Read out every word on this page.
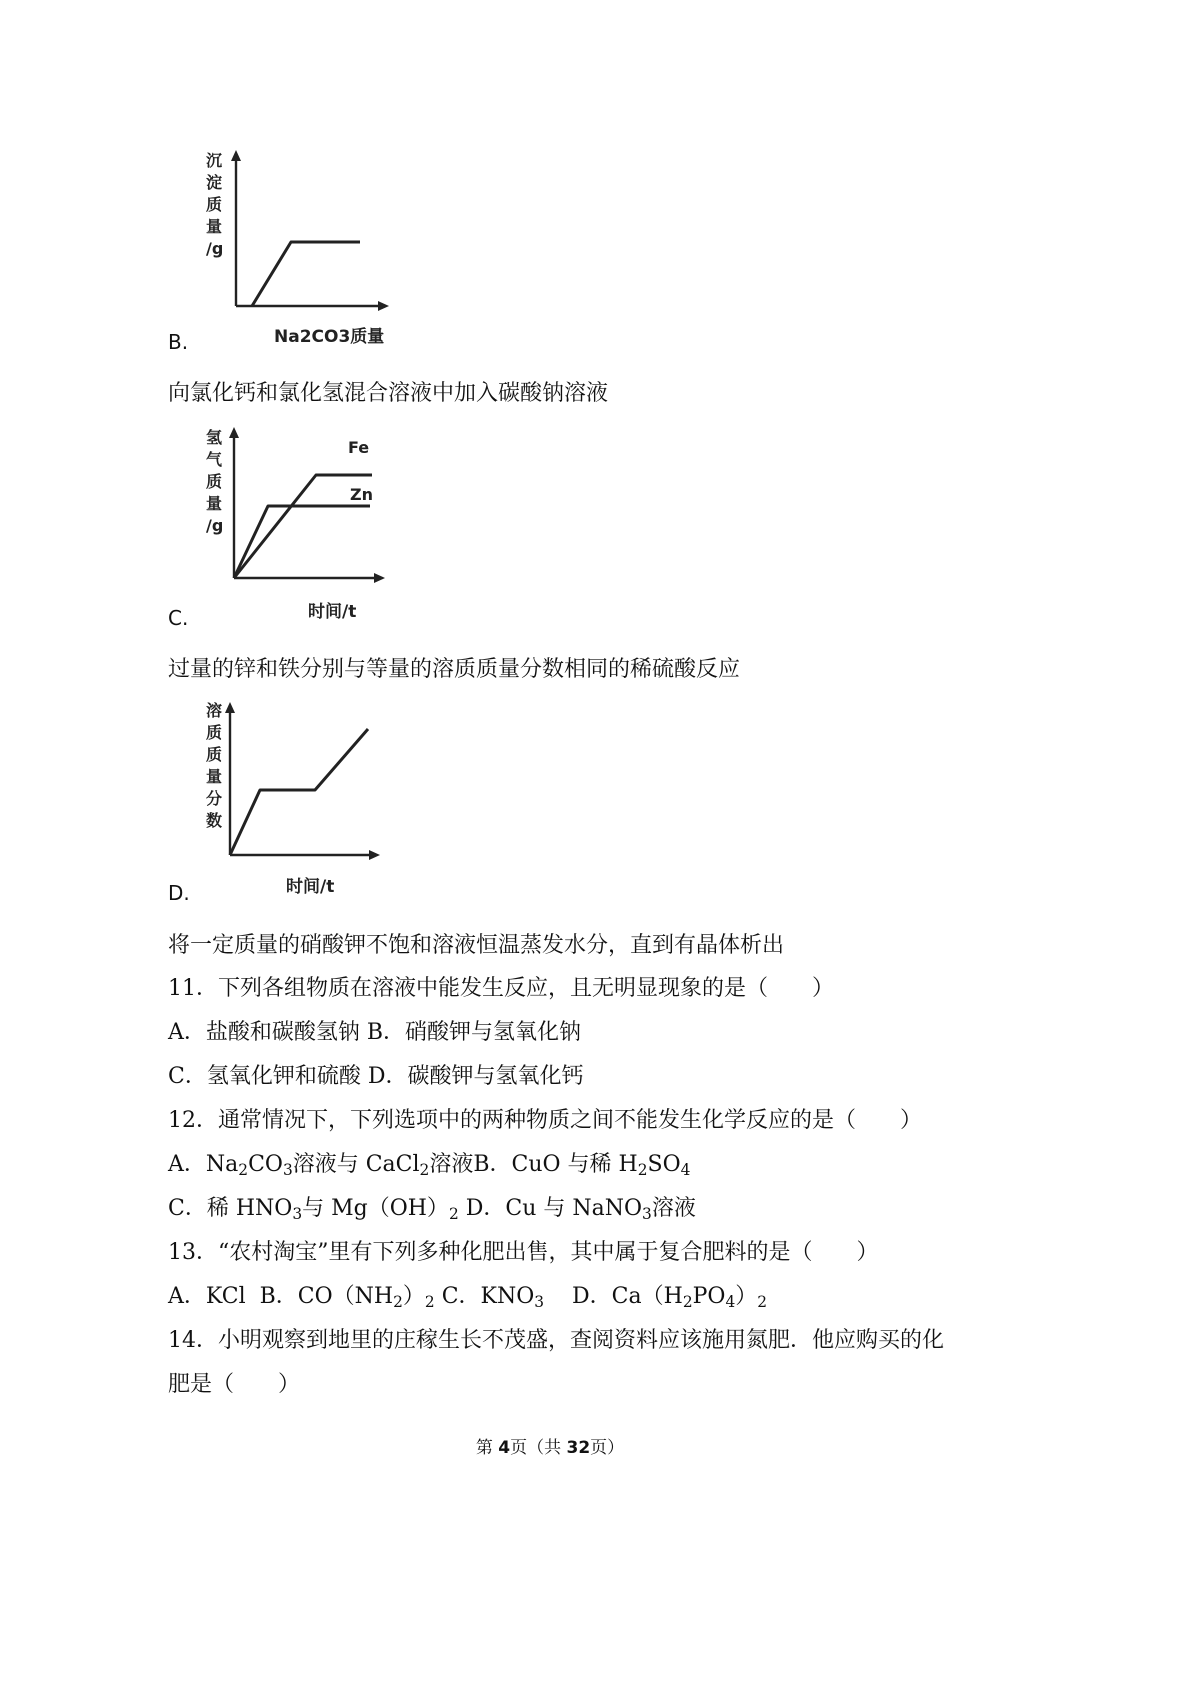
沉
淀
质
量
/g
Na2CO3质量
B.
向氯化钙和氯化氢混合溶液中加入碳酸钠溶液
氢
气
质
量
/g
Fe
Zn
时间/t
C.
过量的锌和铁分别与等量的溶质质量分数相同的稀硫酸反应
溶
质
质
量
分
数
时间/t
D.
将一定质量的硝酸钾不饱和溶液恒温蒸发水分，直到有晶体析出
11．下列各组物质在溶液中能发生反应，且无明显现象的是（　　）
A．盐酸和碳酸氢钠 B．硝酸钾与氢氧化钠
C．氢氧化钾和硫酸 D．碳酸钾与氢氧化钙
12．通常情况下，下列选项中的两种物质之间不能发生化学反应的是（　　）
A．$Na_2CO_3$溶液与 CaCl$_2$溶液B．CuO 与稀 $H_2SO_4$
C．稀 $HNO_3$与 $Mg(OH)_2$ D．Cu 与 NaNO$_3$溶液
13．“农村淘宝”里有下列多种化肥出售，其中属于复合肥料的是（　　）
A．KCl B．$CO(NH_2)_2$ C．$KNO_3$ D．$Ca(H_2PO_4)_2$
14．小明观察到地里的庄稼生长不茂盛，查阅资料应该施用氮肥．他应购买的化
肥是（　　）
第 4页（共 32页）
